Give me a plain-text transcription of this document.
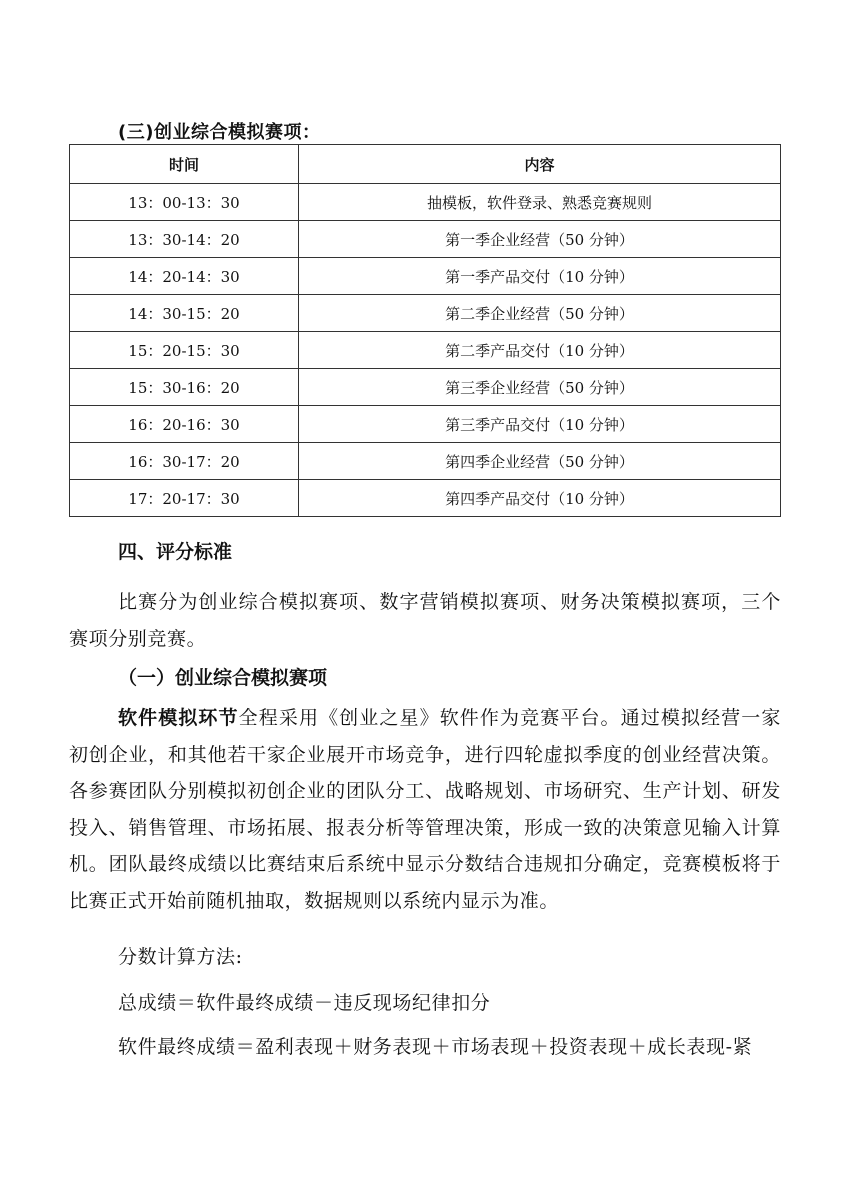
(三)创业综合模拟赛项：
时间	内容
13：00-13：30	抽模板，软件登录、熟悉竞赛规则
13：30-14：20	第一季企业经营（50 分钟）
14：20-14：30	第一季产品交付（10 分钟）
14：30-15：20	第二季企业经营（50 分钟）
15：20-15：30	第二季产品交付（10 分钟）
15：30-16：20	第三季企业经营（50 分钟）
16：20-16：30	第三季产品交付（10 分钟）
16：30-17：20	第四季企业经营（50 分钟）
17：20-17：30	第四季产品交付（10 分钟）
四、评分标准

比赛分为创业综合模拟赛项、数字营销模拟赛项、财务决策模拟赛项，三个赛项分别竞赛。

（一）创业综合模拟赛项

软件模拟环节全程采用《创业之星》软件作为竞赛平台。通过模拟经营一家初创企业，和其他若干家企业展开市场竞争，进行四轮虚拟季度的创业经营决策。各参赛团队分别模拟初创企业的团队分工、战略规划、市场研究、生产计划、研发投入、销售管理、市场拓展、报表分析等管理决策，形成一致的决策意见输入计算机。团队最终成绩以比赛结束后系统中显示分数结合违规扣分确定，竞赛模板将于比赛正式开始前随机抽取，数据规则以系统内显示为准。

分数计算方法:
总成绩＝软件最终成绩－违反现场纪律扣分
软件最终成绩＝盈利表现＋财务表现＋市场表现＋投资表现＋成长表现-紧
